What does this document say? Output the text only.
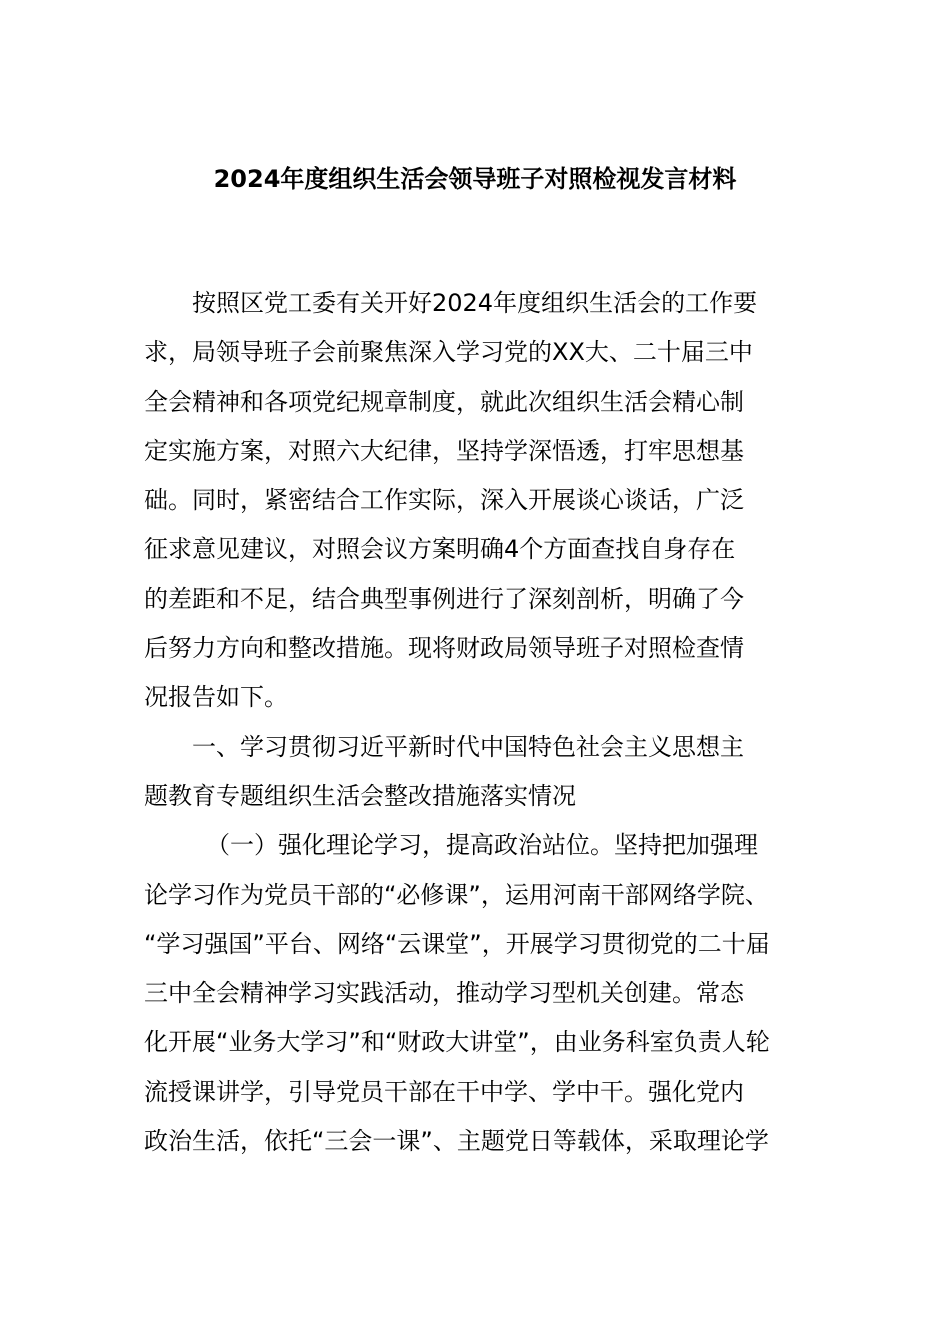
2024年度组织生活会领导班子对照检视发言材料
按照区党工委有关开好2024年度组织生活会的工作要
求，局领导班子会前聚焦深入学习党的XX大、二十届三中
全会精神和各项党纪规章制度，就此次组织生活会精心制
定实施方案，对照六大纪律，坚持学深悟透，打牢思想基
础。同时，紧密结合工作实际，深入开展谈心谈话，广泛
征求意见建议，对照会议方案明确4个方面查找自身存在
的差距和不足，结合典型事例进行了深刻剖析，明确了今
后努力方向和整改措施。现将财政局领导班子对照检查情
况报告如下。
一、学习贯彻习近平新时代中国特色社会主义思想主
题教育专题组织生活会整改措施落实情况
（一）强化理论学习，提高政治站位。坚持把加强理
论学习作为党员干部的“必修课”，运用河南干部网络学院、
“学习强国”平台、网络“云课堂”，开展学习贯彻党的二十届
三中全会精神学习实践活动，推动学习型机关创建。常态
化开展“业务大学习”和“财政大讲堂”，由业务科室负责人轮
流授课讲学，引导党员干部在干中学、学中干。强化党内
政治生活，依托“三会一课”、主题党日等载体，采取理论学
